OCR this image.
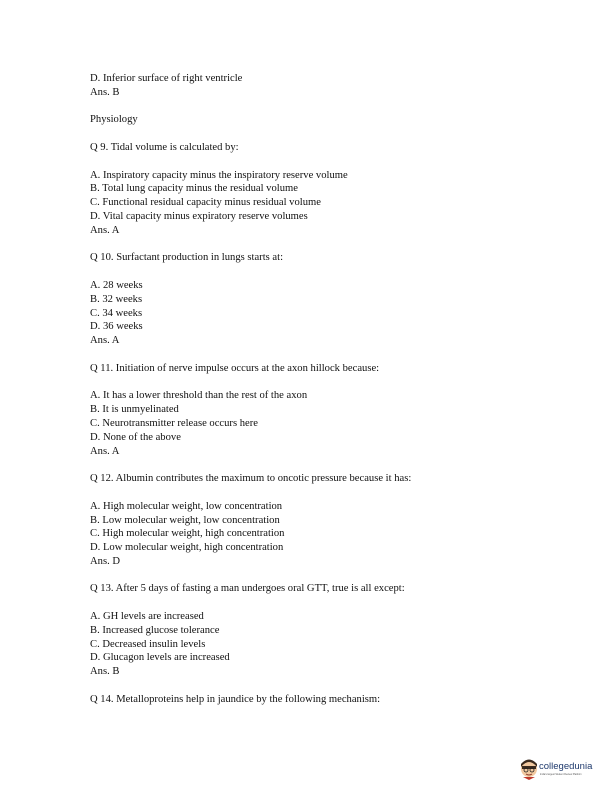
D. Inferior surface of right ventricle
Ans. B
Physiology
Q 9. Tidal volume is calculated by:
A. Inspiratory capacity minus the inspiratory reserve volume
B. Total lung capacity minus the residual volume
C. Functional residual capacity minus residual volume
D. Vital capacity minus expiratory reserve volumes
Ans. A
Q 10. Surfactant production in lungs starts at:
A. 28 weeks
B. 32 weeks
C. 34 weeks
D. 36 weeks
Ans. A
Q 11. Initiation of nerve impulse occurs at the axon hillock because:
A. It has a lower threshold than the rest of the axon
B. It is unmyelinated
C. Neurotransmitter release occurs here
D. None of the above
Ans. A
Q 12. Albumin contributes the maximum to oncotic pressure because it has:
A. High molecular weight, low concentration
B. Low molecular weight, low concentration
C. High molecular weight, high concentration
D. Low molecular weight, high concentration
Ans. D
Q 13. After 5 days of fasting a man undergoes oral GTT, true is all except:
A. GH levels are increased
B. Increased glucose tolerance
C. Decreased insulin levels
D. Glucagon levels are increased
Ans. B
Q 14. Metalloproteins help in jaundice by the following mechanism:
collegedunia
India's largest Student Review Platform
